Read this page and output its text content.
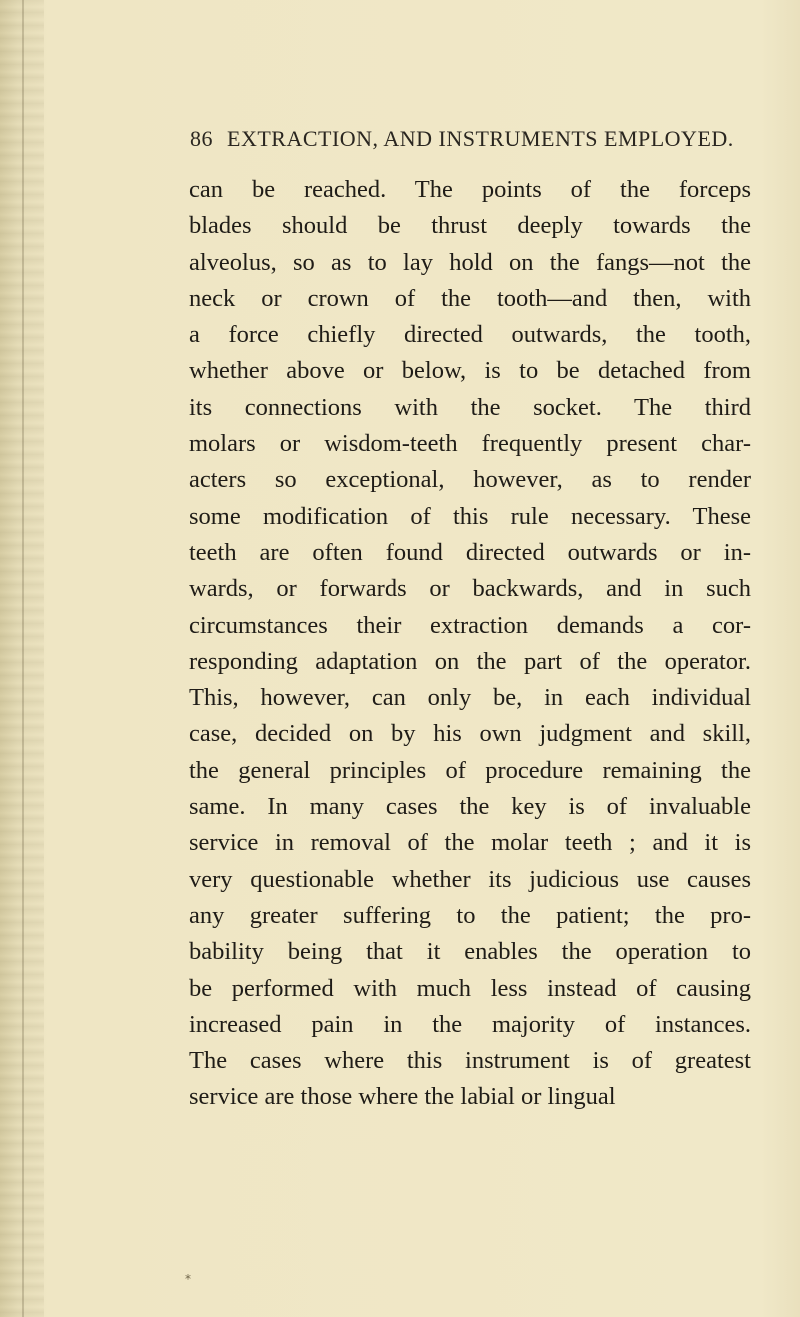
86 EXTRACTION, AND INSTRUMENTS EMPLOYED.
can be reached. The points of the forceps
blades should be thrust deeply towards the
alveolus, so as to lay hold on the fangs—not the
neck or crown of the tooth—and then, with
a force chiefly directed outwards, the tooth,
whether above or below, is to be detached from
its connections with the socket. The third
molars or wisdom-teeth frequently present char-
acters so exceptional, however, as to render
some modification of this rule necessary. These
teeth are often found directed outwards or in-
wards, or forwards or backwards, and in such
circumstances their extraction demands a cor-
responding adaptation on the part of the operator.
This, however, can only be, in each individual
case, decided on by his own judgment and skill,
the general principles of procedure remaining the
same. In many cases the key is of invaluable
service in removal of the molar teeth ; and it is
very questionable whether its judicious use causes
any greater suffering to the patient; the pro-
bability being that it enables the operation to
be performed with much less instead of causing
increased pain in the majority of instances.
The cases where this instrument is of greatest
service are those where the labial or lingual
*
